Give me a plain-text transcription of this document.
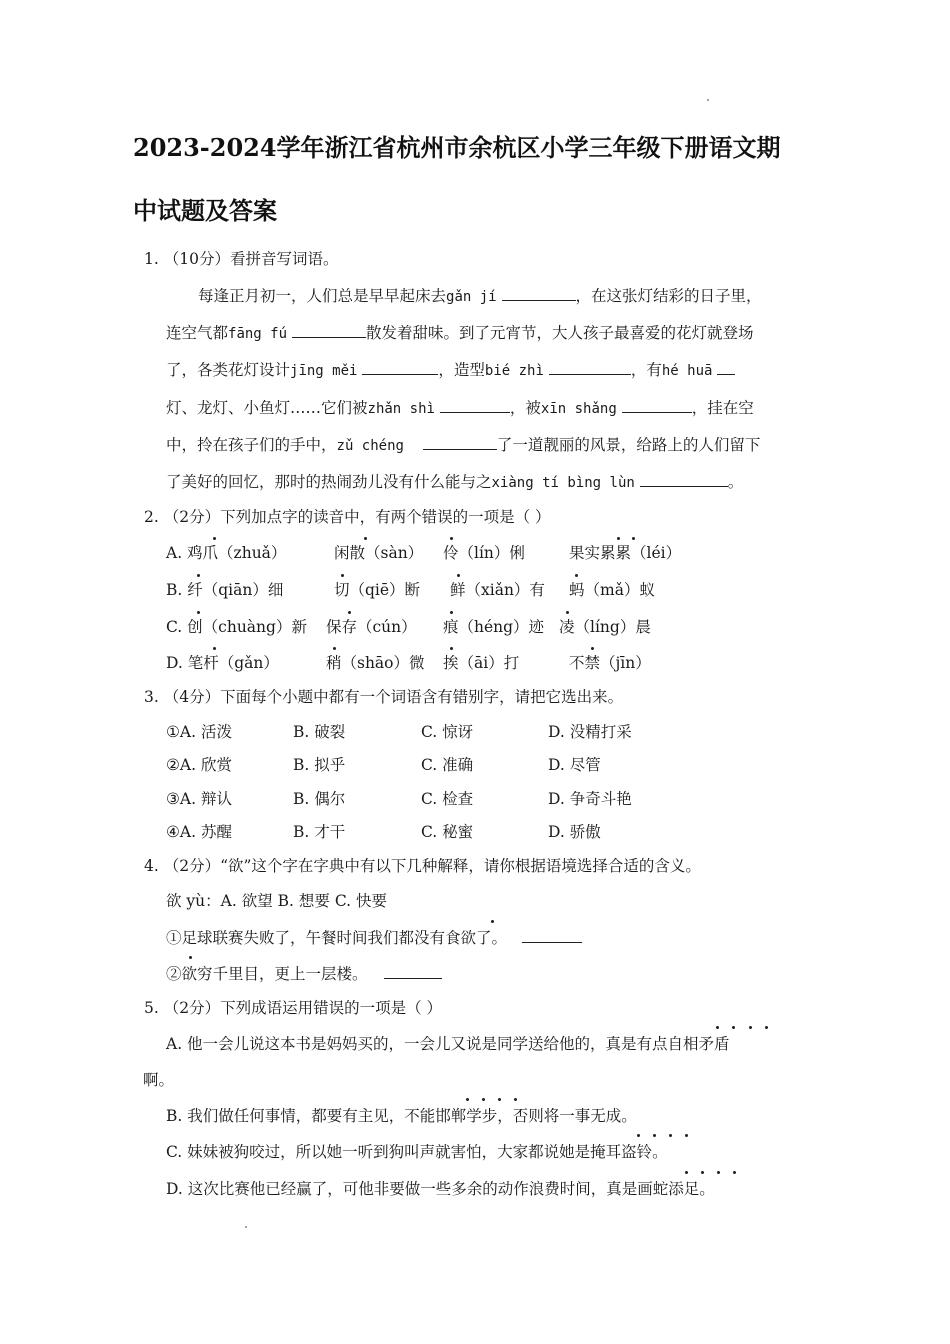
2023-2024学年浙江省杭州市余杭区小学三年级下册语文期
中试题及答案
1. （10分）看拼音写词语。
每逢正月初一，人们总是早早起床去gǎn jí	，在这张灯结彩的日子里，
连空气都fāng fú	散发着甜味。到了元宵节，大人孩子最喜爱的花灯就登场
了，各类花灯设计jīng měi	，造型bié zhì	，有hé huā
灯、龙灯、小鱼灯……它们被zhǎn shì	，被xīn shǎng	，挂在空
中，拎在孩子们的手中，zǔ chéng	了一道靓丽的风景，给路上的人们留下
了美好的回忆，那时的热闹劲儿没有什么能与之xiàng tí bìng lùn	。
2. （2分）下列加点字的读音中，有两个错误的一项是（ ）
A. 鸡爪（zhuǎ）	闲散（sàn） 伶（lín）俐	果实累累（léi）
B. 纤（qiān）细	切（qiē）断 鲜（xiǎn）有 蚂（mǎ）蚁
C. 创（chuàng）新 保存（cún） 痕（héng）迹 凌（líng）晨
D. 笔杆（gǎn）	稍（shāo）微 挨（āi）打	不禁（jīn）
3. （4分）下面每个小题中都有一个词语含有错别字，请把它选出来。
①A. 活泼	B. 破裂	C. 惊讶	D. 没精打采
②A. 欣赏	B. 拟乎	C. 准确	D. 尽管
③A. 辩认	B. 偶尔	C. 检查	D. 争奇斗艳
④A. 苏醒	B. 才干	C. 秘蜜	D. 骄傲
4. （2分）“欲”这个字在字典中有以下几种解释，请你根据语境选择合适的含义。
欲 yù：A. 欲望 B. 想要 C. 快要
①足球联赛失败了，午餐时间我们都没有食欲了。
②欲穷千里目，更上一层楼。
5. （2分）下列成语运用错误的一项是（ ）
A. 他一会儿说这本书是妈妈买的，一会儿又说是同学送给他的，真是有点自相矛盾
啊。
B. 我们做任何事情，都要有主见，不能邯郸学步，否则将一事无成。
C. 妹妹被狗咬过，所以她一听到狗叫声就害怕，大家都说她是掩耳盗铃。
D. 这次比赛他已经赢了，可他非要做一些多余的动作浪费时间，真是画蛇添足。
